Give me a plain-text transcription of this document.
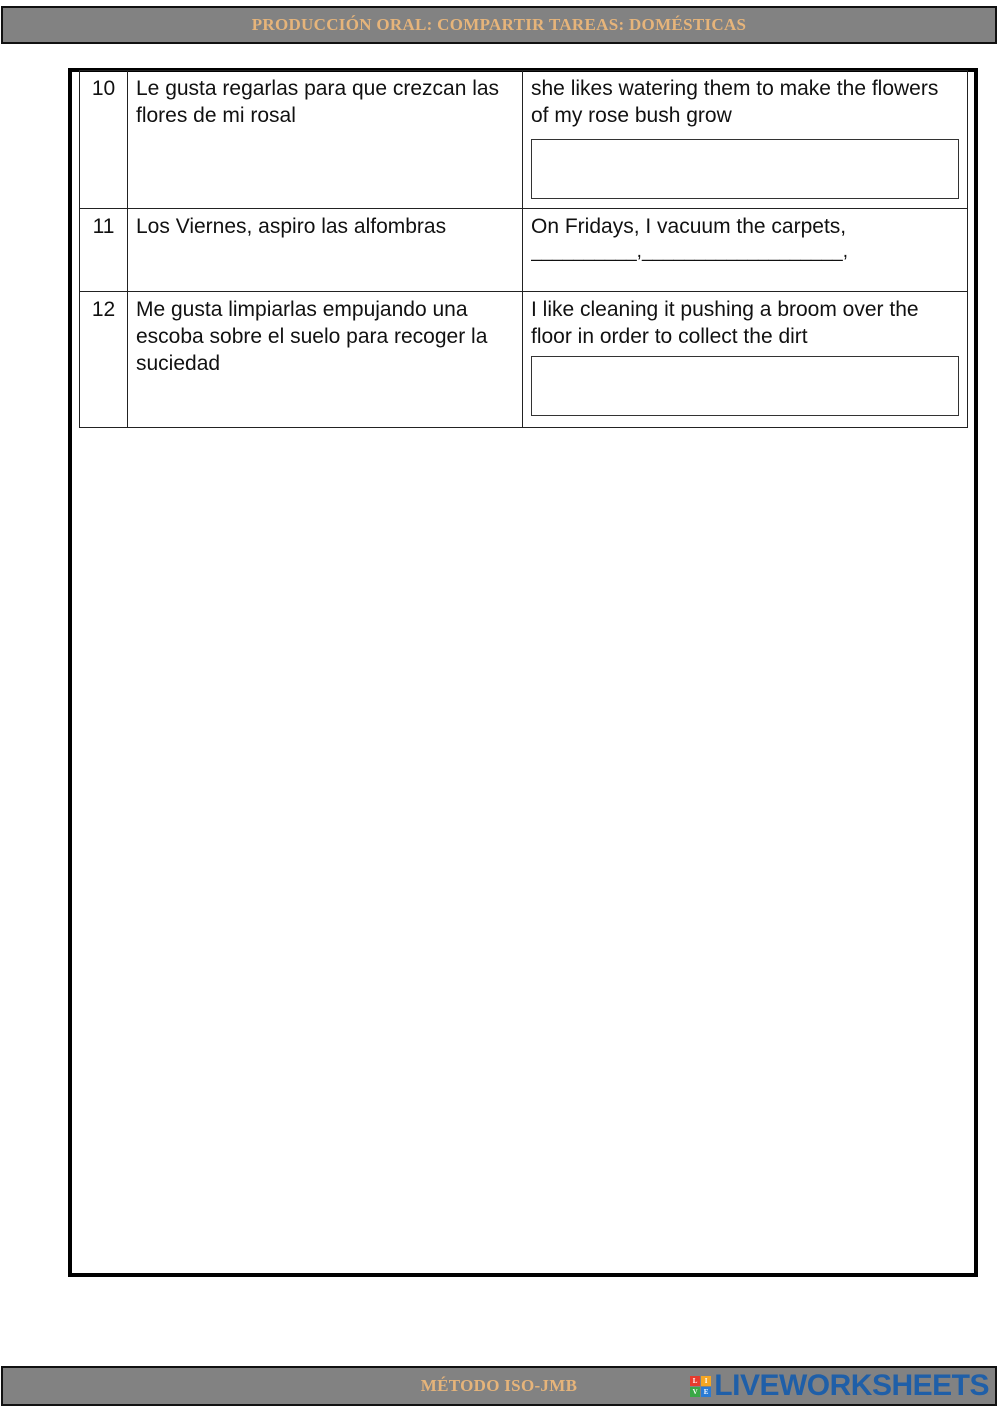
PRODUCCIÓN ORAL: COMPARTIR TAREAS: DOMÉSTICAS
10	Le gusta regarlas para que crezcan las flores de mi rosal	she likes watering them to make the flowers of my rose bush grow

11	Los Viernes, aspiro las alfombras	On Fridays, I vacuum the carpets,
__________,___________________,

12	Me gusta limpiarlas empujando una escoba sobre el suelo para recoger la suciedad	I like cleaning it pushing a broom over the floor in order to collect the dirt
MÉTODO ISO-JMB	L	I
V E LIVEWORKSHEETS
